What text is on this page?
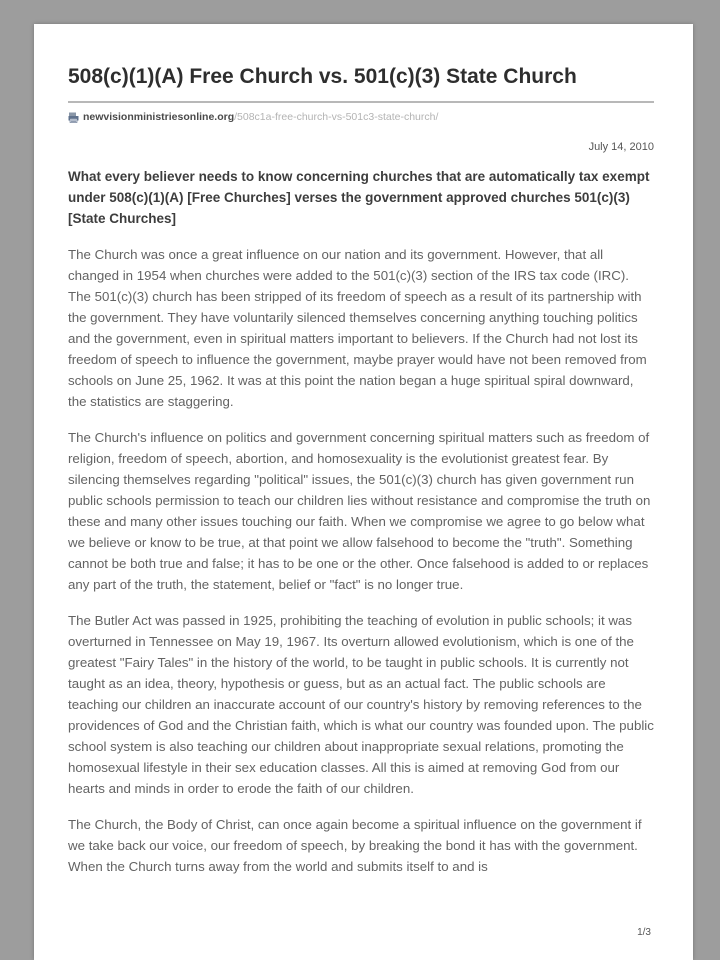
508(c)(1)(A) Free Church vs. 501(c)(3) State Church
newvisionministriesonline.org /508c1a-free-church-vs-501c3-state-church/
July 14, 2010

What every believer needs to know concerning churches that are automatically tax exempt under 508(c)(1)(A) [Free Churches] verses the government approved churches 501(c)(3) [State Churches]

The Church was once a great influence on our nation and its government. However, that all changed in 1954 when churches were added to the 501(c)(3) section of the IRS tax code (IRC). The 501(c)(3) church has been stripped of its freedom of speech as a result of its partnership with the government. They have voluntarily silenced themselves concerning anything touching politics and the government, even in spiritual matters important to believers. If the Church had not lost its freedom of speech to influence the government, maybe prayer would have not been removed from schools on June 25, 1962. It was at this point the nation began a huge spiritual spiral downward, the statistics are staggering.

The Church's influence on politics and government concerning spiritual matters such as freedom of religion, freedom of speech, abortion, and homosexuality is the evolutionist greatest fear. By silencing themselves regarding "political" issues, the 501(c)(3) church has given government run public schools permission to teach our children lies without resistance and compromise the truth on these and many other issues touching our faith. When we compromise we agree to go below what we believe or know to be true, at that point we allow falsehood to become the "truth". Something cannot be both true and false; it has to be one or the other. Once falsehood is added to or replaces any part of the truth, the statement, belief or "fact" is no longer true.

The Butler Act was passed in 1925, prohibiting the teaching of evolution in public schools; it was overturned in Tennessee on May 19, 1967. Its overturn allowed evolutionism, which is one of the greatest "Fairy Tales" in the history of the world, to be taught in public schools. It is currently not taught as an idea, theory, hypothesis or guess, but as an actual fact. The public schools are teaching our children an inaccurate account of our country's history by removing references to the providences of God and the Christian faith, which is what our country was founded upon. The public school system is also teaching our children about inappropriate sexual relations, promoting the homosexual lifestyle in their sex education classes. All this is aimed at removing God from our hearts and minds in order to erode the faith of our children.

The Church, the Body of Christ, can once again become a spiritual influence on the government if we take back our voice, our freedom of speech, by breaking the bond it has with the government. When the Church turns away from the world and submits itself to and is

1/3
